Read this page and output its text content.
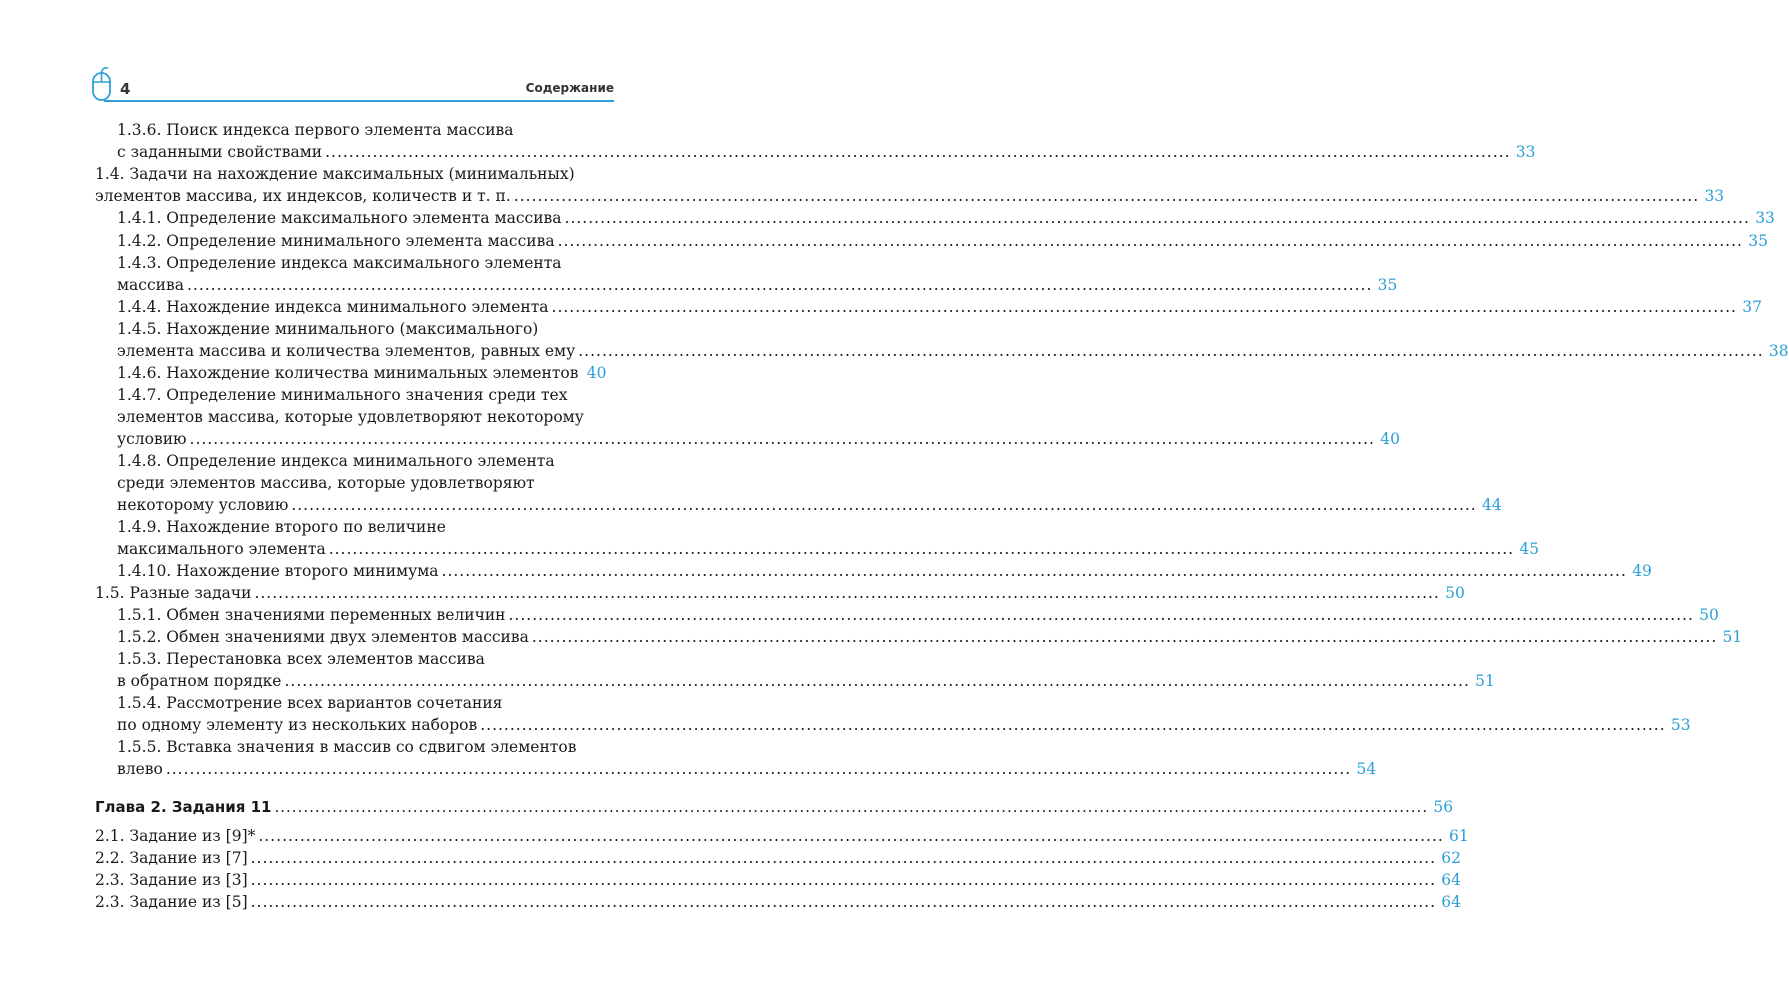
4	Содержание
1.3.6. Поиск индекса первого элемента массива
с заданными свойствами ........................................................................................................................................................................................................ 33
1.4. Задачи на нахождение максимальных (минимальных)
элементов массива, их индексов, количеств и т. п. ........................................................................................................................................................................................................ 33
1.4.1. Определение максимального элемента массива ........................................................................................................................................................................................................ 33
1.4.2. Определение минимального элемента массива ........................................................................................................................................................................................................ 35
1.4.3. Определение индекса максимального элемента
массива ........................................................................................................................................................................................................ 35
1.4.4. Нахождение индекса минимального элемента ........................................................................................................................................................................................................ 37
1.4.5. Нахождение минимального (максимального)
элемента массива и количества элементов, равных ему ........................................................................................................................................................................................................ 38
1.4.6. Нахождение количества минимальных элементов 40
1.4.7. Определение минимального значения среди тех
элементов массива, которые удовлетворяют некоторому
условию ........................................................................................................................................................................................................ 40
1.4.8. Определение индекса минимального элемента
среди элементов массива, которые удовлетворяют
некоторому условию ........................................................................................................................................................................................................ 44
1.4.9. Нахождение второго по величине
максимального элемента ........................................................................................................................................................................................................ 45
1.4.10. Нахождение второго минимума ........................................................................................................................................................................................................ 49
1.5. Разные задачи ........................................................................................................................................................................................................ 50
1.5.1. Обмен значениями переменных величин ........................................................................................................................................................................................................ 50
1.5.2. Обмен значениями двух элементов массива ........................................................................................................................................................................................................ 51
1.5.3. Перестановка всех элементов массива
в обратном порядке ........................................................................................................................................................................................................ 51
1.5.4. Рассмотрение всех вариантов сочетания
по одному элементу из нескольких наборов ........................................................................................................................................................................................................ 53
1.5.5. Вставка значения в массив со сдвигом элементов
влево ........................................................................................................................................................................................................ 54
Глава 2. Задания 11 ........................................................................................................................................................................................................ 56
2.1. Задание из [9]* ........................................................................................................................................................................................................ 61
2.2. Задание из [7] ........................................................................................................................................................................................................ 62
2.3. Задание из [3] ........................................................................................................................................................................................................ 64
2.3. Задание из [5] ........................................................................................................................................................................................................ 64
